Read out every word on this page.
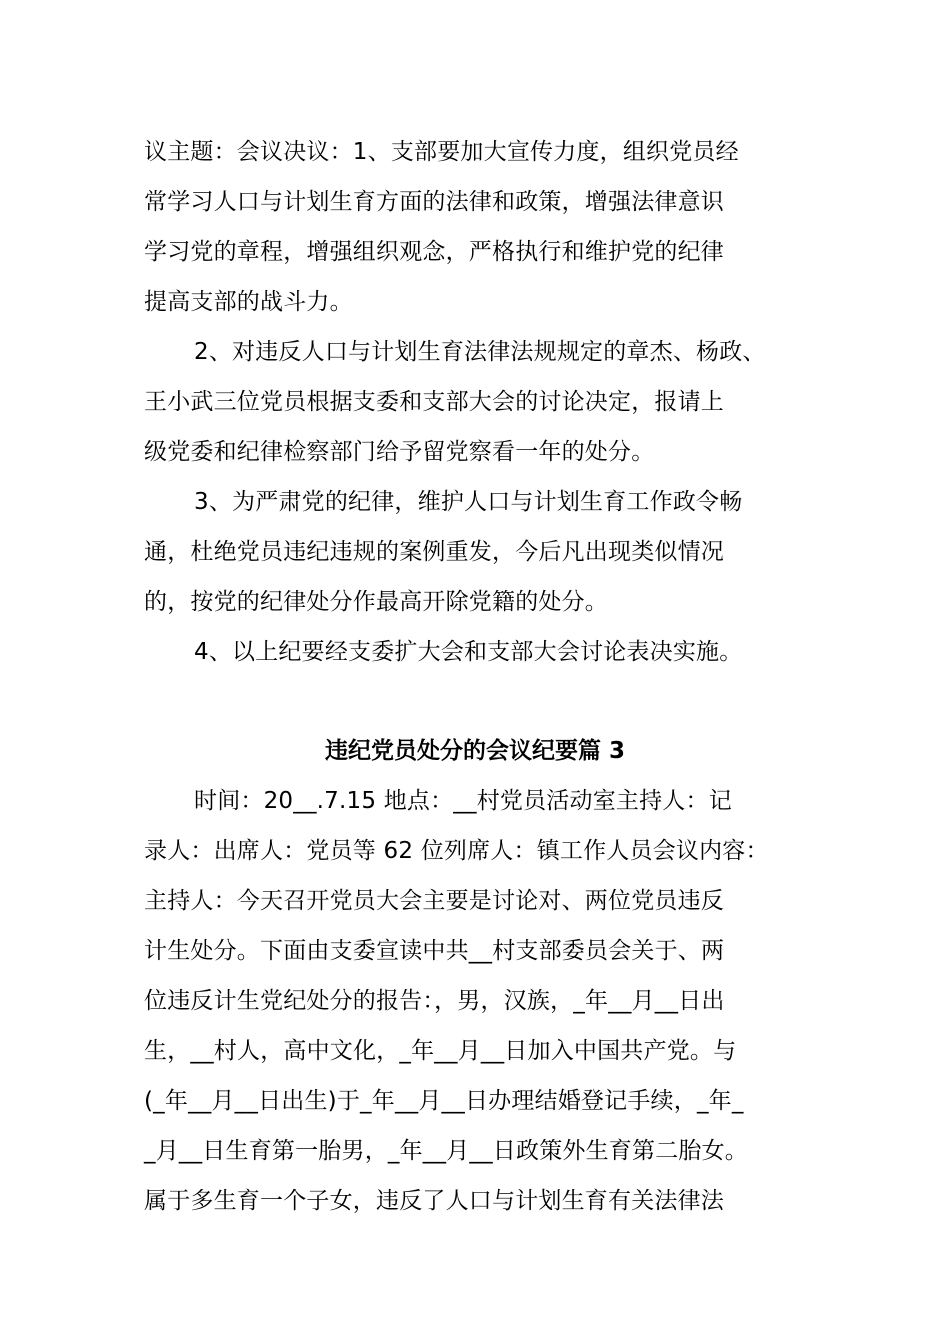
议主题：会议决议：1、支部要加大宣传力度，组织党员经
常学习人口与计划生育方面的法律和政策，增强法律意识
学习党的章程，增强组织观念，严格执行和维护党的纪律
提高支部的战斗力。
2、对违反人口与计划生育法律法规规定的章杰、杨政、
王小武三位党员根据支委和支部大会的讨论决定，报请上
级党委和纪律检察部门给予留党察看一年的处分。
3、为严肃党的纪律，维护人口与计划生育工作政令畅
通，杜绝党员违纪违规的案例重发，今后凡出现类似情况
的，按党的纪律处分作最高开除党籍的处分。
4、以上纪要经支委扩大会和支部大会讨论表决实施。
违纪党员处分的会议纪要篇 3
时间：20__.7.15 地点：__村党员活动室主持人：记
录人：出席人：党员等 62 位列席人：镇工作人员会议内容：
主持人：今天召开党员大会主要是讨论对、两位党员违反
计生处分。下面由支委宣读中共__村支部委员会关于、两
位违反计生党纪处分的报告：，男，汉族，_年__月__日出
生，__村人，高中文化，_年__月__日加入中国共产党。与
(_年__月__日出生)于_年__月__日办理结婚登记手续，_年_
_月__日生育第一胎男，_年__月__日政策外生育第二胎女。
属于多生育一个子女，违反了人口与计划生育有关法律法
